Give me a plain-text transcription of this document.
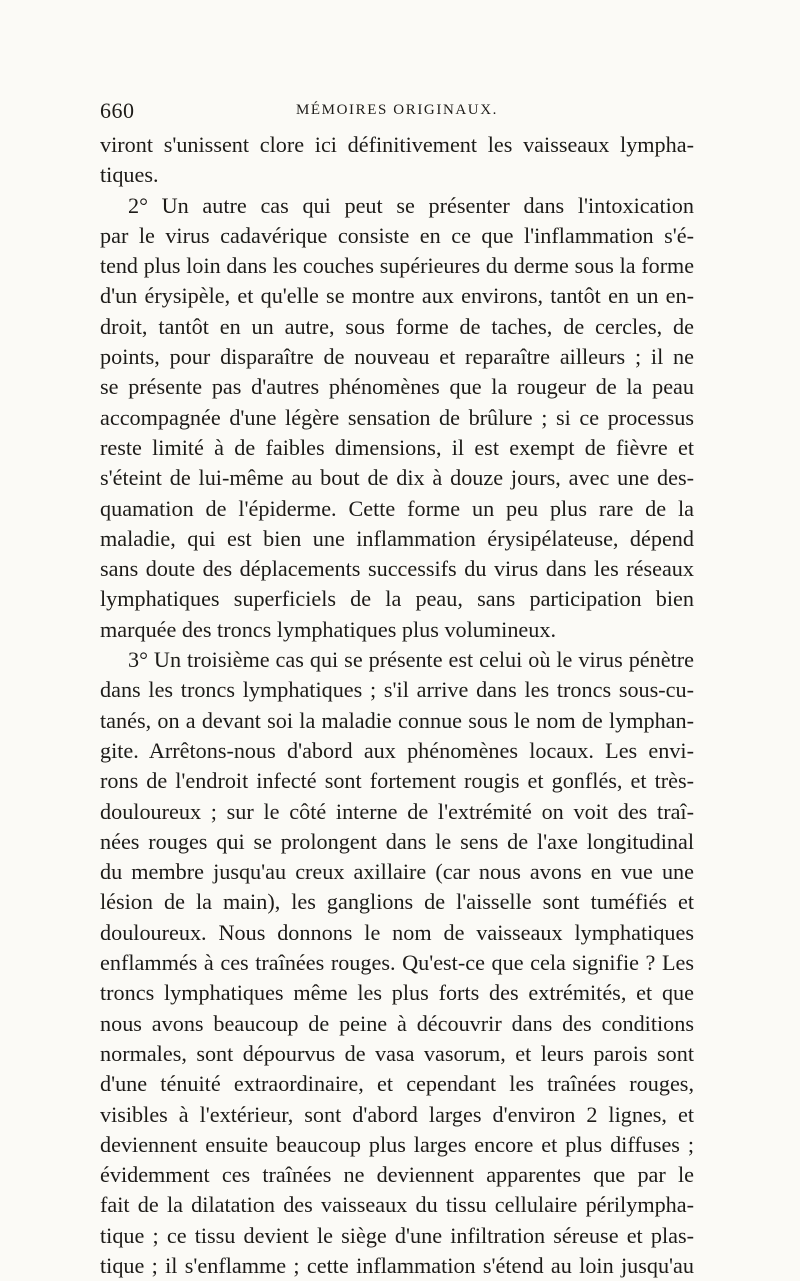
660	MÉMOIRES ORIGINAUX.
viront s'unissent clore ici définitivement les vaisseaux lympha-
tiques.
2° Un autre cas qui peut se présenter dans l'intoxication
par le virus cadavérique consiste en ce que l'inflammation s'é-
tend plus loin dans les couches supérieures du derme sous la forme
d'un érysipèle, et qu'elle se montre aux environs, tantôt en un en-
droit, tantôt en un autre, sous forme de taches, de cercles, de
points, pour disparaître de nouveau et reparaître ailleurs ; il ne
se présente pas d'autres phénomènes que la rougeur de la peau
accompagnée d'une légère sensation de brûlure ; si ce processus
reste limité à de faibles dimensions, il est exempt de fièvre et
s'éteint de lui-même au bout de dix à douze jours, avec une des-
quamation de l'épiderme. Cette forme un peu plus rare de la
maladie, qui est bien une inflammation érysipélateuse, dépend
sans doute des déplacements successifs du virus dans les réseaux
lymphatiques superficiels de la peau, sans participation bien
marquée des troncs lymphatiques plus volumineux.
3° Un troisième cas qui se présente est celui où le virus pénètre
dans les troncs lymphatiques ; s'il arrive dans les troncs sous-cu-
tanés, on a devant soi la maladie connue sous le nom de lymphan-
gite. Arrêtons-nous d'abord aux phénomènes locaux. Les envi-
rons de l'endroit infecté sont fortement rougis et gonflés, et très-
douloureux ; sur le côté interne de l'extrémité on voit des traî-
nées rouges qui se prolongent dans le sens de l'axe longitudinal
du membre jusqu'au creux axillaire (car nous avons en vue une
lésion de la main), les ganglions de l'aisselle sont tuméfiés et
douloureux. Nous donnons le nom de vaisseaux lymphatiques
enflammés à ces traînées rouges. Qu'est-ce que cela signifie ? Les
troncs lymphatiques même les plus forts des extrémités, et que
nous avons beaucoup de peine à découvrir dans des conditions
normales, sont dépourvus de vasa vasorum, et leurs parois sont
d'une ténuité extraordinaire, et cependant les traînées rouges,
visibles à l'extérieur, sont d'abord larges d'environ 2 lignes, et
deviennent ensuite beaucoup plus larges encore et plus diffuses ;
évidemment ces traînées ne deviennent apparentes que par le
fait de la dilatation des vaisseaux du tissu cellulaire périlympha-
tique ; ce tissu devient le siège d'une infiltration séreuse et plas-
tique ; il s'enflamme ; cette inflammation s'étend au loin jusqu'au
